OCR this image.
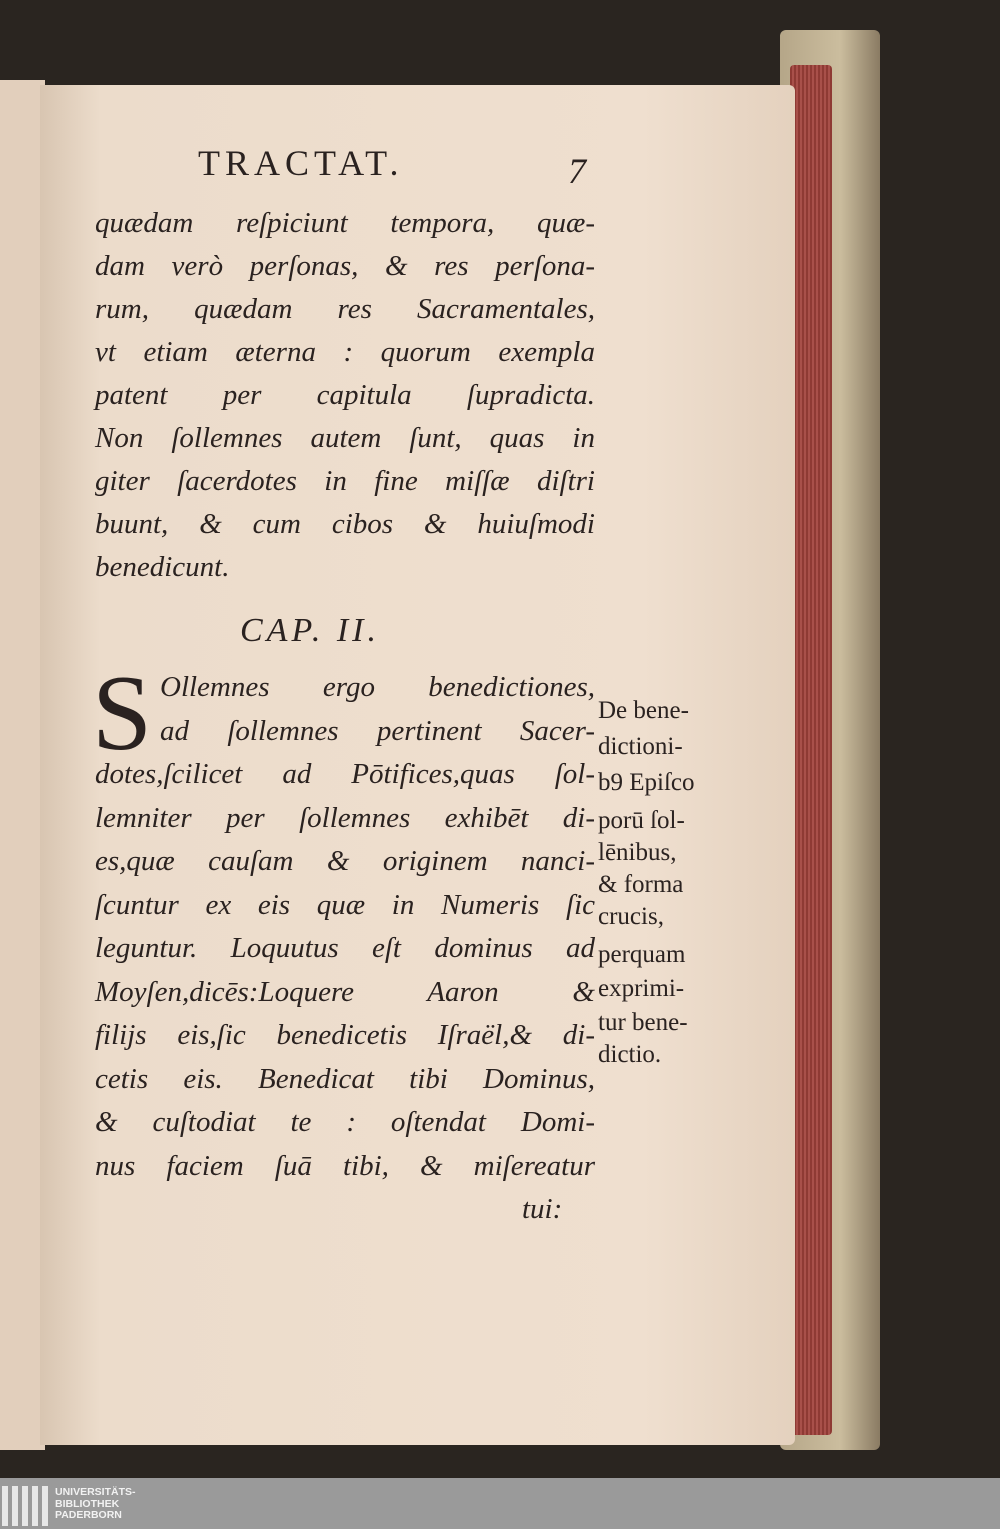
TRACTAT.	7
quædam reſpiciunt tempora, quæ-
dam verò perſonas, & res perſona-
rum, quædam res Sacramentales,
vt etiam æterna : quorum exempla
patent per capitula ſupradicta.
Non ſollemnes autem ſunt, quas in
giter ſacerdotes in fine miſſæ diſtri
buunt, & cum cibos & huiuſmodi
benedicunt.
CAP. II.
S Ollemnes ergo benedictiones,
ad ſollemnes pertinent Sacer-
dotes,ſcilicet ad Pōtifices,quas ſol-
lemniter per ſollemnes exhibēt di-
es,quæ cauſam & originem nanci-
ſcuntur ex eis quæ in Numeris ſic
leguntur. Loquutus eſt dominus ad
Moyſen,dicēs:Loquere Aaron &
filijs eis,ſic benedicetis Iſraël,& di-
cetis eis. Benedicat tibi Dominus,
& cuſtodiat te : oſtendat Domi-
nus faciem ſuā tibi, & miſereatur
tui:
De bene-
dictioni-
b9 Epiſco
porū ſol-
lēnibus,
& forma
crucis,
perquam
exprimi-
tur bene-
dictio.
UNIVERSITÄTS-
BIBLIOTHEK
PADERBORN
